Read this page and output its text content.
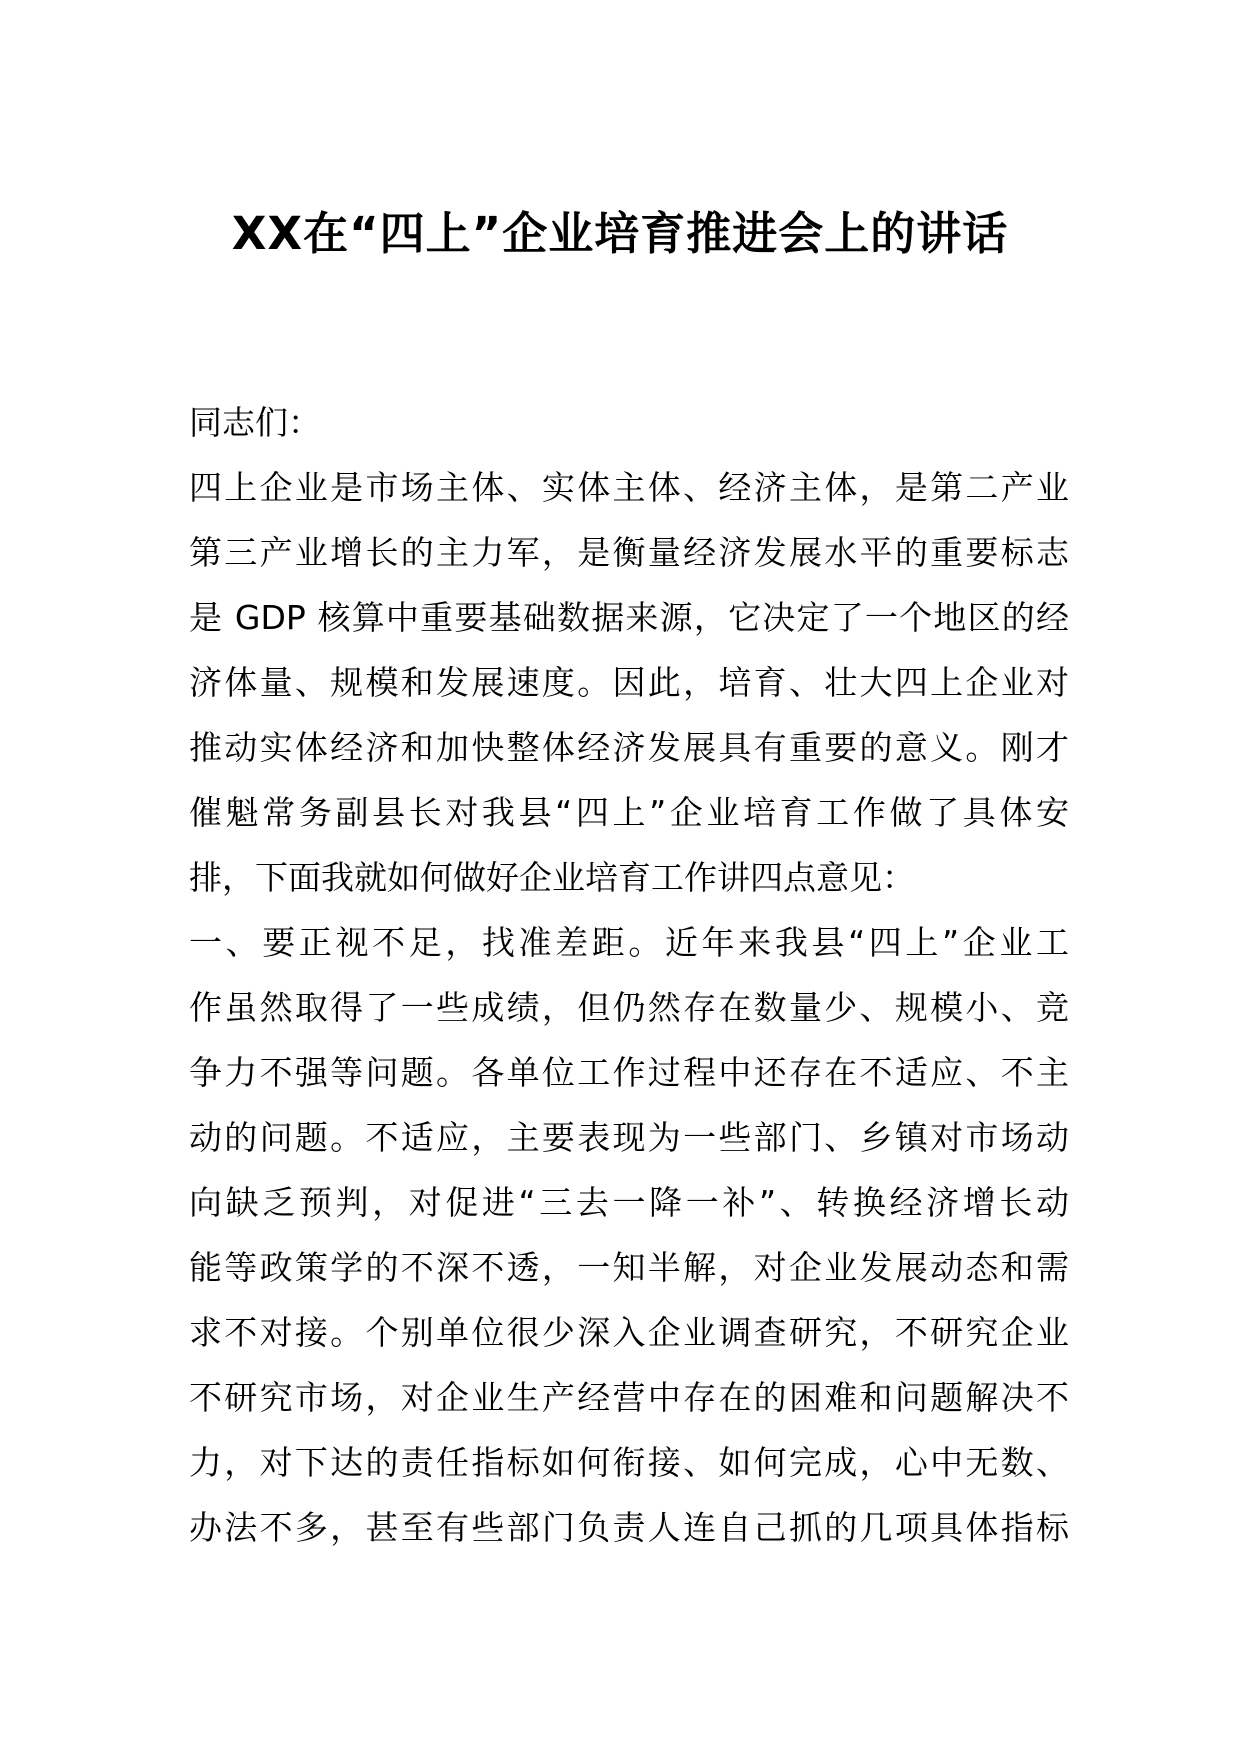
XX在“四上”企业培育推进会上的讲话
同志们：
四上企业是市场主体、实体主体、经济主体，是第二产业
第三产业增长的主力军，是衡量经济发展水平的重要标志
是 GDP 核算中重要基础数据来源，它决定了一个地区的经
济体量、规模和发展速度。因此，培育、壮大四上企业对
推动实体经济和加快整体经济发展具有重要的意义。刚才
催魁常务副县长对我县“四上”企业培育工作做了具体安
排，下面我就如何做好企业培育工作讲四点意见：
一、要正视不足，找准差距。近年来我县“四上”企业工
作虽然取得了一些成绩，但仍然存在数量少、规模小、竞
争力不强等问题。各单位工作过程中还存在不适应、不主
动的问题。不适应，主要表现为一些部门、乡镇对市场动
向缺乏预判，对促进“三去一降一补”、转换经济增长动
能等政策学的不深不透，一知半解，对企业发展动态和需
求不对接。个别单位很少深入企业调查研究，不研究企业
不研究市场，对企业生产经营中存在的困难和问题解决不
力，对下达的责任指标如何衔接、如何完成，心中无数、
办法不多，甚至有些部门负责人连自己抓的几项具体指标
